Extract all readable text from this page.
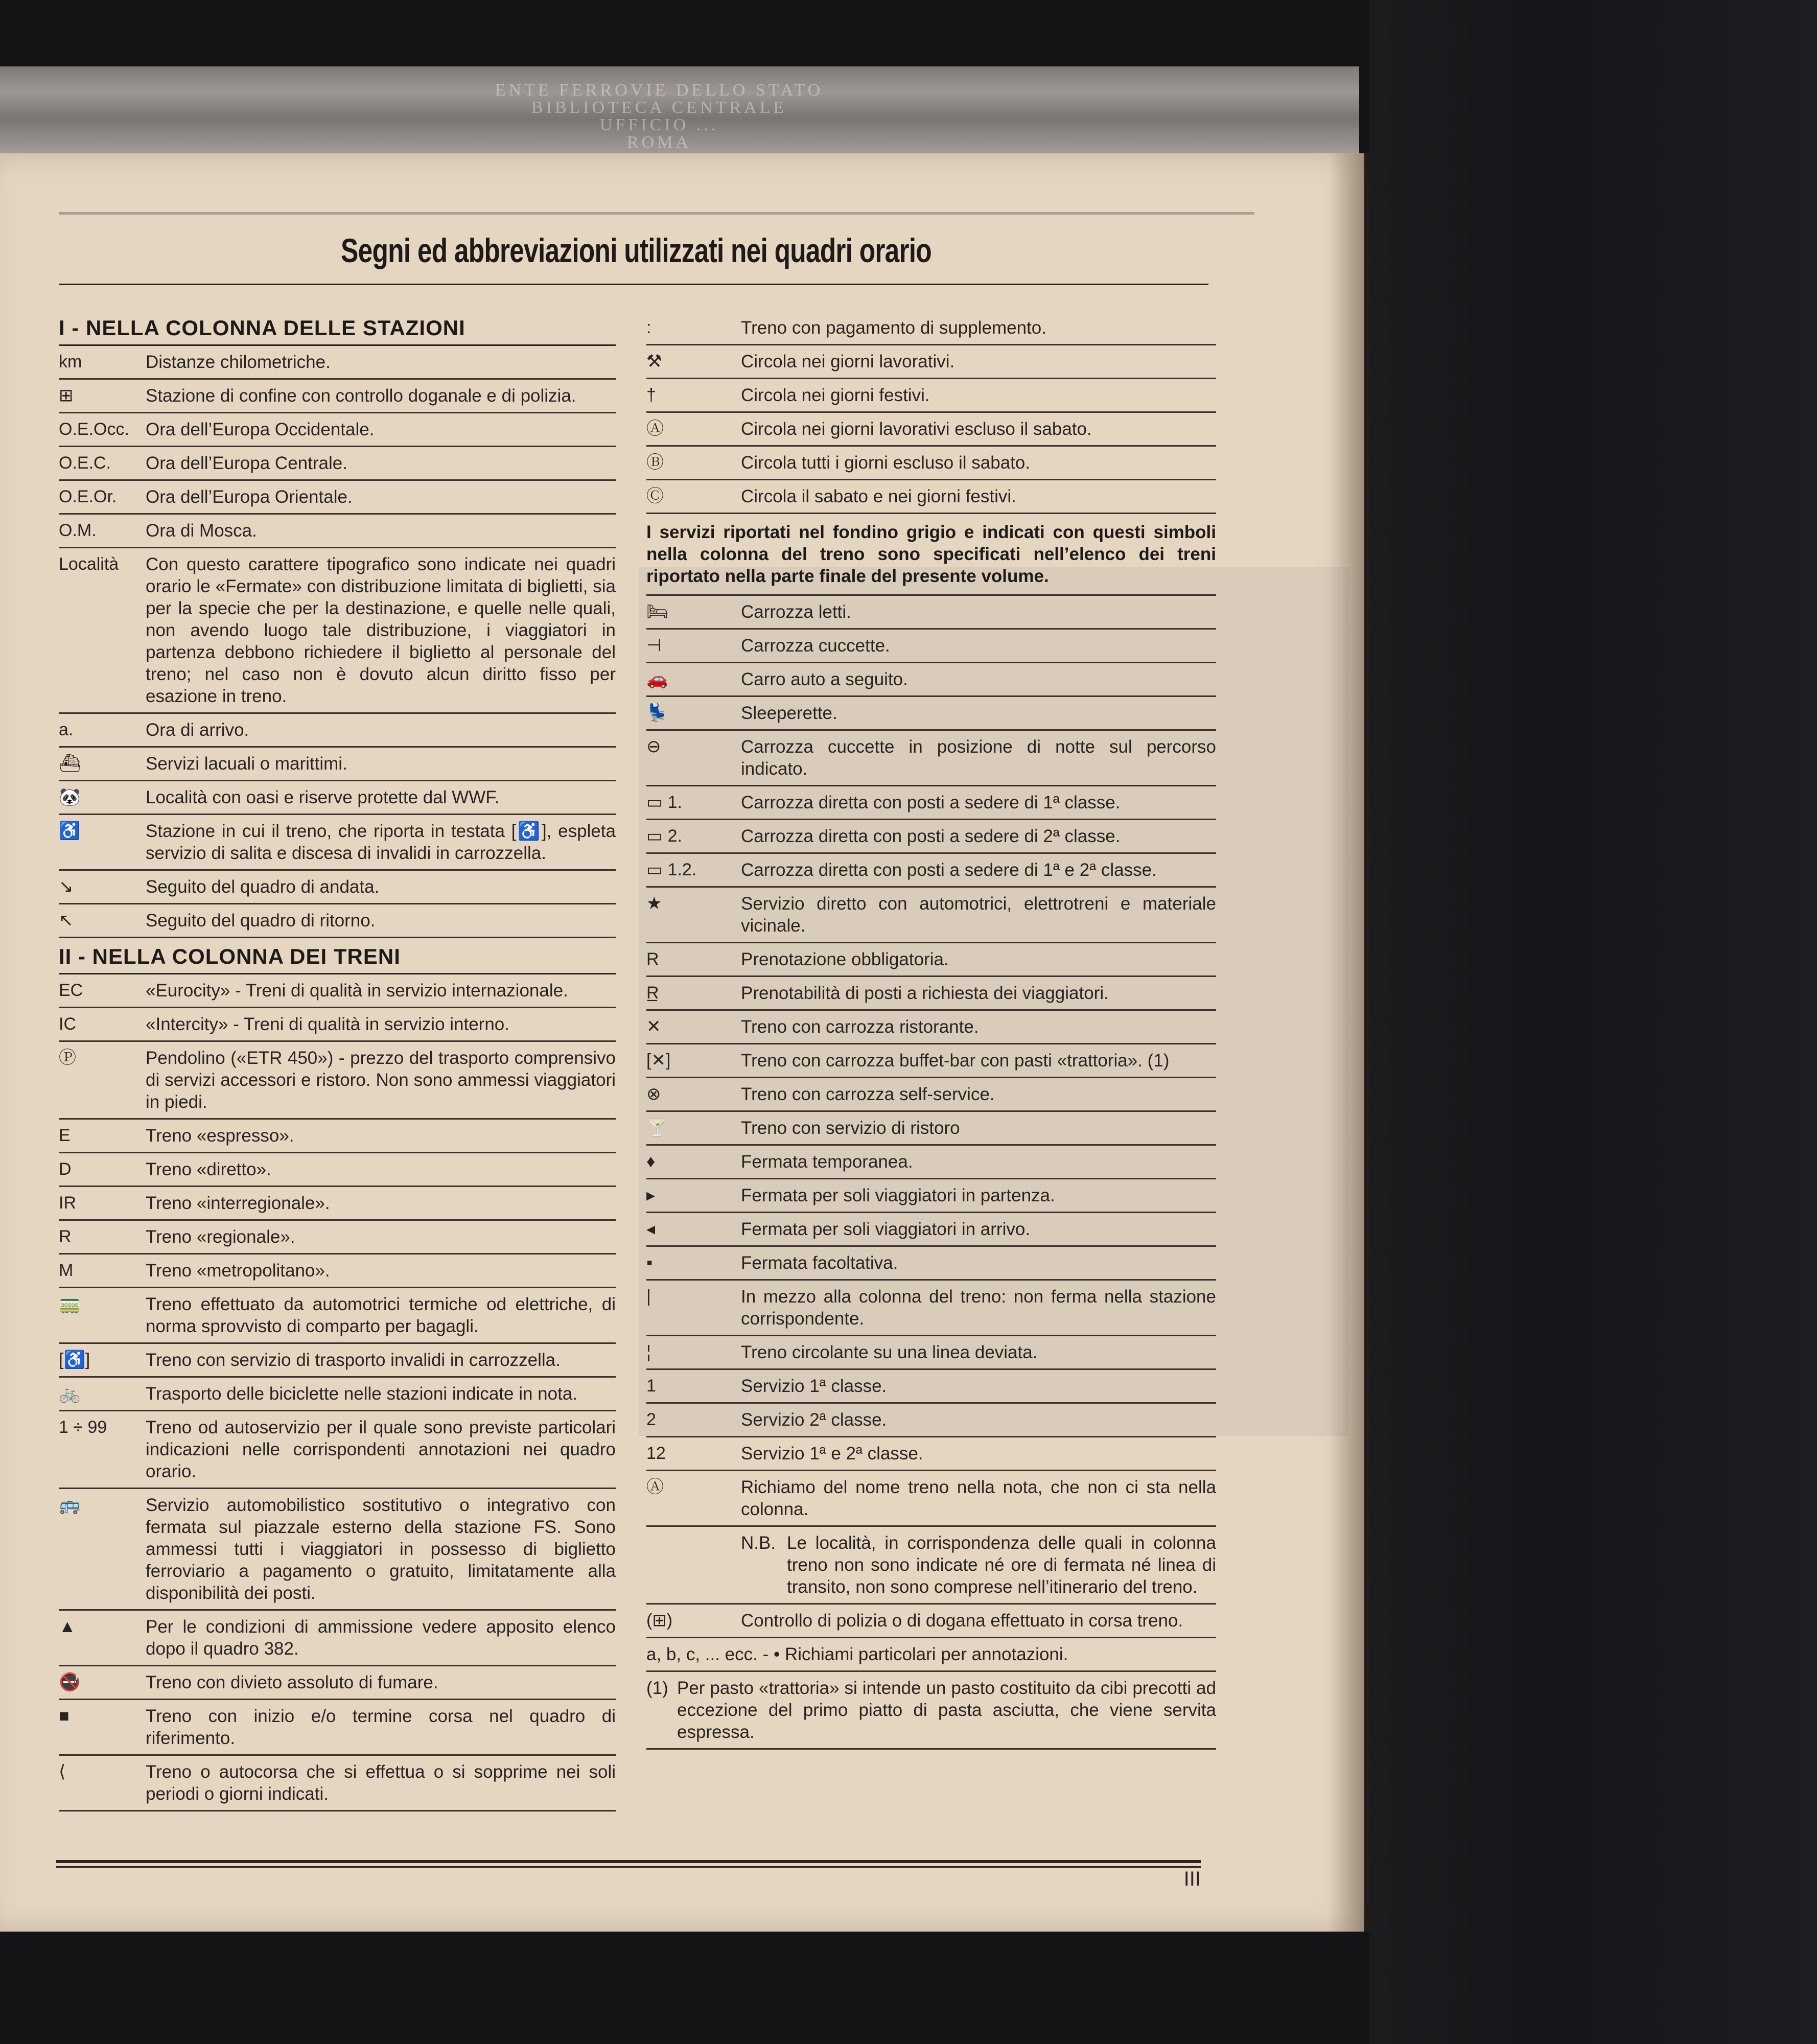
ENTE FERROVIE DELLO STATO
BIBLIOTECA CENTRALE
UFFICIO ...
ROMA
Segni ed abbreviazioni utilizzati nei quadri orario
I - NELLA COLONNA DELLE STAZIONI
km	Distanze chilometriche.
⊞	Stazione di confine con controllo doganale e di polizia.
O.E.Occ. Ora dell’Europa Occidentale.
O.E.C.	Ora dell’Europa Centrale.
O.E.Or.	Ora dell’Europa Orientale.
O.M.	Ora di Mosca.
Località	Con questo carattere tipografico sono indicate nei quadri orario le «Fermate» con distribuzione limitata di biglietti, sia per la specie che per la destinazione, e quelle nelle quali, non avendo luogo tale distribuzione, i viaggiatori in partenza debbono richiedere il biglietto al personale del treno; nel caso non è dovuto alcun diritto fisso per esazione in treno.
a.	Ora di arrivo.
⛴	Servizi lacuali o marittimi.
🐼	Località con oasi e riserve protette dal WWF.
♿	Stazione in cui il treno, che riporta in testata [♿], espleta servizio di salita e discesa di invalidi in carrozzella.
↘	Seguito del quadro di andata.
↖	Seguito del quadro di ritorno.
II - NELLA COLONNA DEI TRENI
EC	«Eurocity» - Treni di qualità in servizio internazionale.
IC	«Intercity» - Treni di qualità in servizio interno.
Ⓟ	Pendolino («ETR 450») - prezzo del trasporto comprensivo di servizi accessori e ristoro. Non sono ammessi viaggiatori in piedi.
E	Treno «espresso».
D	Treno «diretto».
IR	Treno «interregionale».
R	Treno «regionale».
M	Treno «metropolitano».
🚃	Treno effettuato da automotrici termiche od elettriche, di norma sprovvisto di comparto per bagagli.
[♿]	Treno con servizio di trasporto invalidi in carrozzella.
🚲	Trasporto delle biciclette nelle stazioni indicate in nota.
1 ÷ 99	Treno od autoservizio per il quale sono previste particolari indicazioni nelle corrispondenti annotazioni nei quadro orario.
🚌	Servizio automobilistico sostitutivo o integrativo con fermata sul piazzale esterno della stazione FS. Sono ammessi tutti i viaggiatori in possesso di biglietto ferroviario a pagamento o gratuito, limitatamente alla disponibilità dei posti.
▲	Per le condizioni di ammissione vedere apposito elenco dopo il quadro 382.
🚭	Treno con divieto assoluto di fumare.
■	Treno con inizio e/o termine corsa nel quadro di riferimento.
⟨	Treno o autocorsa che si effettua o si sopprime nei soli periodi o giorni indicati.
:	Treno con pagamento di supplemento.
⚒	Circola nei giorni lavorativi.
†	Circola nei giorni festivi.
Ⓐ	Circola nei giorni lavorativi escluso il sabato.
Ⓑ	Circola tutti i giorni escluso il sabato.
Ⓒ	Circola il sabato e nei giorni festivi.
I servizi riportati nel fondino grigio e indicati con questi simboli nella colonna del treno sono specificati nell’elenco dei treni riportato nella parte finale del presente volume.
🛏	Carrozza letti.
⊣	Carrozza cuccette.
🚗	Carro auto a seguito.
💺	Sleeperette.
⊖	Carrozza cuccette in posizione di notte sul percorso indicato.
▭ 1.	Carrozza diretta con posti a sedere di 1ª classe.
▭ 2.	Carrozza diretta con posti a sedere di 2ª classe.
▭ 1.2.	Carrozza diretta con posti a sedere di 1ª e 2ª classe.
★	Servizio diretto con automotrici, elettrotreni e materiale vicinale.
R	Prenotazione obbligatoria.
R̲	Prenotabilità di posti a richiesta dei viaggiatori.
✕	Treno con carrozza ristorante.
[✕]	Treno con carrozza buffet-bar con pasti «trattoria». (1)
⊗	Treno con carrozza self-service.
🍸	Treno con servizio di ristoro
♦	Fermata temporanea.
▸	Fermata per soli viaggiatori in partenza.
◂	Fermata per soli viaggiatori in arrivo.
▪	Fermata facoltativa.
|	In mezzo alla colonna del treno: non ferma nella stazione corrispondente.
¦	Treno circolante su una linea deviata.
1	Servizio 1ª classe.
2	Servizio 2ª classe.
12	Servizio 1ª e 2ª classe.
Ⓐ	Richiamo del nome treno nella nota, che non ci sta nella colonna.
N.B. Le località, in corrispondenza delle quali in colonna treno non sono indicate né ore di fermata né linea di transito, non sono comprese nell’itinerario del treno.
(⊞)	Controllo di polizia o di dogana effettuato in corsa treno.
a, b, c, ... ecc. - • Richiami particolari per annotazioni.
(1) Per pasto «trattoria» si intende un pasto costituito da cibi precotti ad eccezione del primo piatto di pasta asciutta, che viene servita espressa.
III
